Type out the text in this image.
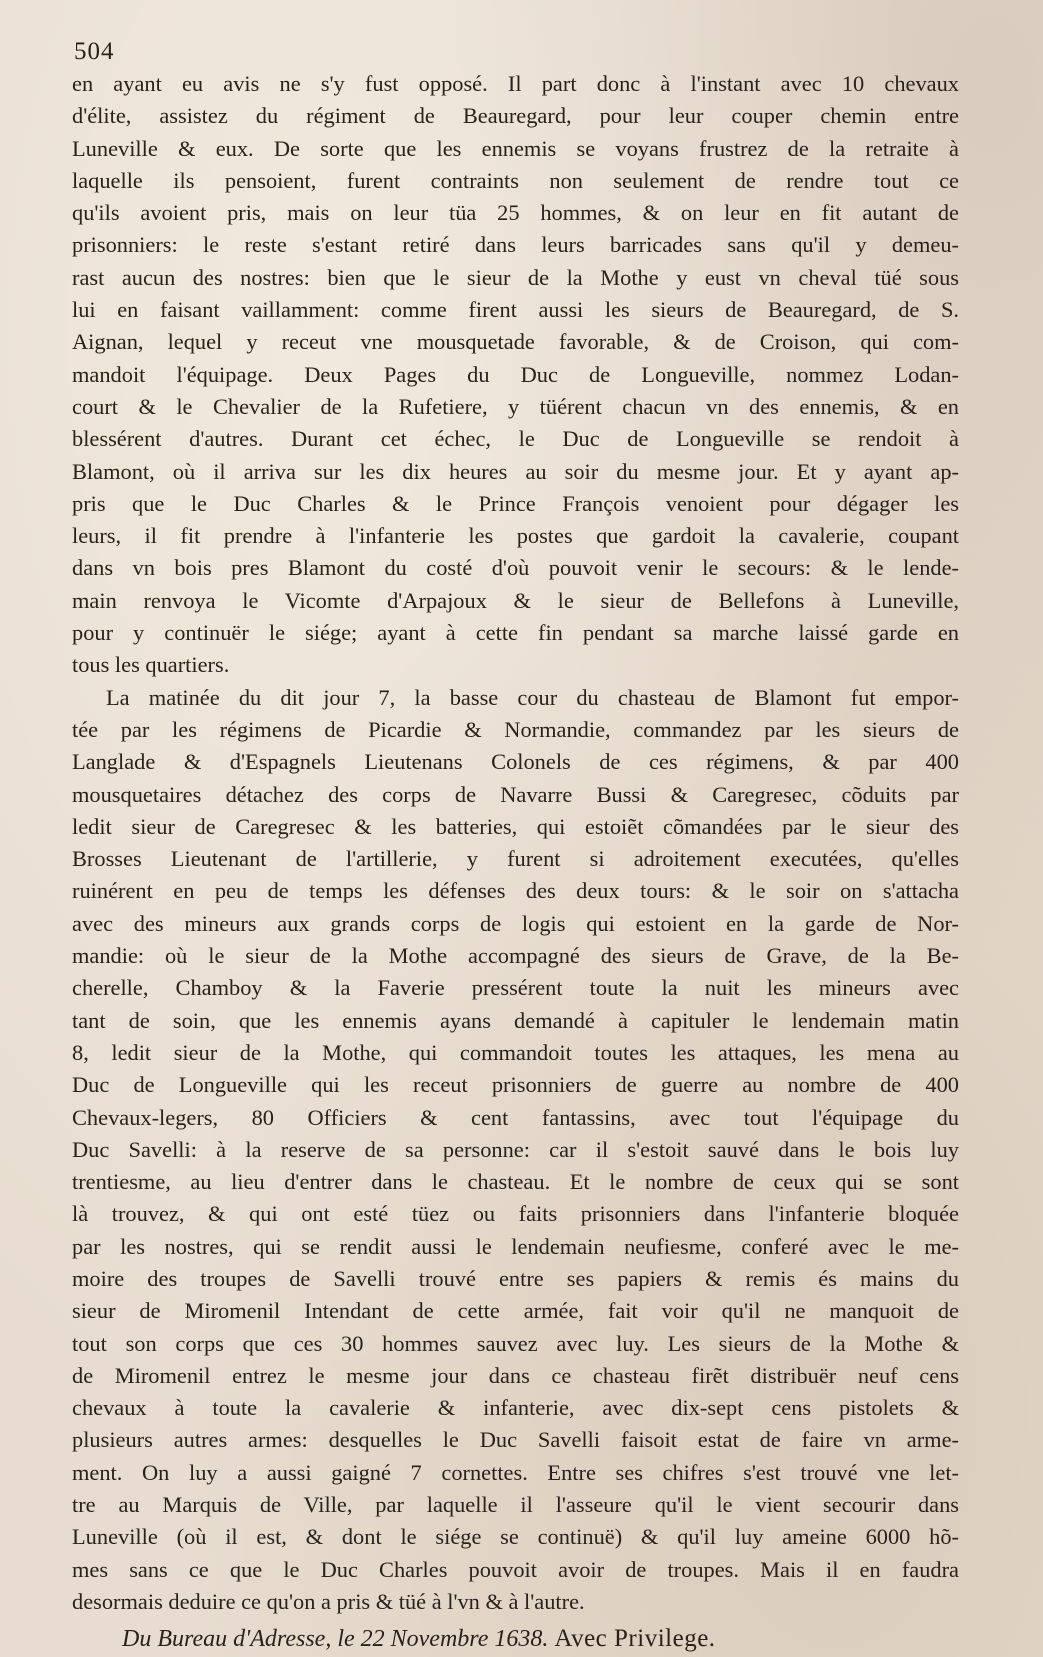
504
en ayant eu avis ne s'y fust opposé. Il part donc à l'instant avec 10 chevaux
d'élite, assistez du régiment de Beauregard, pour leur couper chemin entre
Luneville & eux. De sorte que les ennemis se voyans frustrez de la retraite à
laquelle ils pensoient, furent contraints non seulement de rendre tout ce
qu'ils avoient pris, mais on leur tüa 25 hommes, & on leur en fit autant de
prisonniers: le reste s'estant retiré dans leurs barricades sans qu'il y demeu-
rast aucun des nostres: bien que le sieur de la Mothe y eust vn cheval tüé sous
lui en faisant vaillamment: comme firent aussi les sieurs de Beauregard, de S.
Aignan, lequel y receut vne mousquetade favorable, & de Croison, qui com-
mandoit l'équipage. Deux Pages du Duc de Longueville, nommez Lodan-
court & le Chevalier de la Rufetiere, y tüérent chacun vn des ennemis, & en
blessérent d'autres. Durant cet échec, le Duc de Longueville se rendoit à
Blamont, où il arriva sur les dix heures au soir du mesme jour. Et y ayant ap-
pris que le Duc Charles & le Prince François venoient pour dégager les
leurs, il fit prendre à l'infanterie les postes que gardoit la cavalerie, coupant
dans vn bois pres Blamont du costé d'où pouvoit venir le secours: & le lende-
main renvoya le Vicomte d'Arpajoux & le sieur de Bellefons à Luneville,
pour y continuër le siége; ayant à cette fin pendant sa marche laissé garde en
tous les quartiers.
La matinée du dit jour 7, la basse cour du chasteau de Blamont fut empor-
tée par les régimens de Picardie & Normandie, commandez par les sieurs de
Langlade & d'Espagnels Lieutenans Colonels de ces régimens, & par 400
mousquetaires détachez des corps de Navarre Bussi & Caregresec, cõduits par
ledit sieur de Caregresec & les batteries, qui estoiẽt cõmandées par le sieur des
Brosses Lieutenant de l'artillerie, y furent si adroitement executées, qu'elles
ruinérent en peu de temps les défenses des deux tours: & le soir on s'attacha
avec des mineurs aux grands corps de logis qui estoient en la garde de Nor-
mandie: où le sieur de la Mothe accompagné des sieurs de Grave, de la Be-
cherelle, Chamboy & la Faverie pressérent toute la nuit les mineurs avec
tant de soin, que les ennemis ayans demandé à capituler le lendemain matin
8, ledit sieur de la Mothe, qui commandoit toutes les attaques, les mena au
Duc de Longueville qui les receut prisonniers de guerre au nombre de 400
Chevaux-legers, 80 Officiers & cent fantassins, avec tout l'équipage du
Duc Savelli: à la reserve de sa personne: car il s'estoit sauvé dans le bois luy
trentiesme, au lieu d'entrer dans le chasteau. Et le nombre de ceux qui se sont
là trouvez, & qui ont esté tüez ou faits prisonniers dans l'infanterie bloquée
par les nostres, qui se rendit aussi le lendemain neufiesme, conferé avec le me-
moire des troupes de Savelli trouvé entre ses papiers & remis és mains du
sieur de Miromenil Intendant de cette armée, fait voir qu'il ne manquoit de
tout son corps que ces 30 hommes sauvez avec luy. Les sieurs de la Mothe &
de Miromenil entrez le mesme jour dans ce chasteau firẽt distribuër neuf cens
chevaux à toute la cavalerie & infanterie, avec dix-sept cens pistolets &
plusieurs autres armes: desquelles le Duc Savelli faisoit estat de faire vn arme-
ment. On luy a aussi gaigné 7 cornettes. Entre ses chifres s'est trouvé vne let-
tre au Marquis de Ville, par laquelle il l'asseure qu'il le vient secourir dans
Luneville (où il est, & dont le siége se continuë) & qu'il luy ameine 6000 hõ-
mes sans ce que le Duc Charles pouvoit avoir de troupes. Mais il en faudra
desormais deduire ce qu'on a pris & tüé à l'vn & à l'autre.
Du Bureau d'Adresse, le 22 Novembre 1638. Avec Privilege.
